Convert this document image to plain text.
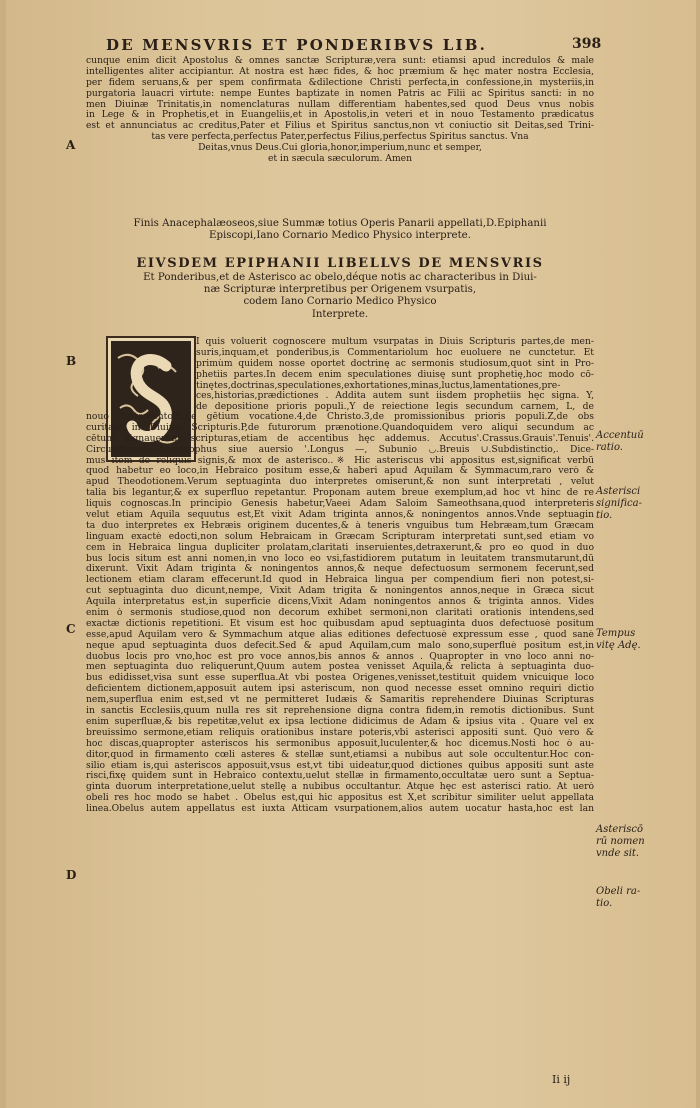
DE MENSVRIS ET PONDERIBVS LIB.	398
cunque enim dicit Apostolus & omnes sanctæ Scripturæ,vera sunt: etiamsi apud incredulos & male
intelligentes aliter accipiantur. At nostra est hæc fides, & hoc præmium & hęc mater nostra Ecclesia,
per fidem seruans,& per spem confirmata &dilectione Christi perfecta,in confessione,in mysteriis,in
purgatoria lauacri virtute: nempe Euntes baptizate in nomen Patris ac Filii ac Spiritus sancti: in no
men Diuinæ Trinitatis,in nomenclaturas nullam differentiam habentes,sed quod Deus vnus nobis
in Lege & in Prophetis,et in Euangeliis,et in Apostolis,in veteri et in nouo Testamento prædicatus
est et annunciatus ac creditus,Pater et Filius et Spiritus sanctus,non vt coniuctio sit Deitas,sed Trini-
tas vere perfecta,perfectus Pater,perfectus Filius,perfectus Spiritus sanctus. Vna
Deitas,vnus Deus.Cui gloria,honor,imperium,nunc et semper,
et in sæcula sæculorum. Amen
Finis Anacephalæoseos,siue Summæ totius Operis Panarii appellati,D.Epiphanii
Episcopi,Iano Cornario Medico Physico interprete.
EIVSDEM EPIPHANII LIBELLVS DE MENSVRIS
Et Ponderibus,et de Asterisco ac obelo,déque notis ac characteribus in Diui-
næ Scripturæ interpretibus per Origenem vsurpatis,
codem Iano Cornario Medico Physico
Interprete.
I quis voluerit cognoscere multum vsurpatas in Diuis Scripturis partes,de men-
suris,inquam,et ponderibus,is Commentariolum hoc euoluere ne cunctetur. Et
primùm quidem nosse oportet doctrinę ac sermonis studiosum,quot sint in Pro-
phetiis partes.In decem enim speculationes diuisę sunt prophetię,hoc modo cō-
tinętes,doctrinas,speculationes,exhortationes,minas,luctus,lamentationes,pre-
ces,historias,prædictiones . Addita autem sunt iisdem prophetiis hęc signa. Y,
de depositione prioris populi.,Y de reiectione legis secundum carnem, L, de
nouo Testamento.E,de gētium vocatione.4,de Christo.3,de promissionibus prioris populi.Z,de obs
curitate in Diuinis Scripturis.P,de futurorum prænotione.Quandoquidem vero aliqui secundum ac
cētum signauerunt scripturas,etiam de accentibus hęc addemus. Accutus'.Crassus.Grauis'.Tenuis'.
Circumflexus~.Apostrophus siue auersio '.Longus —, Subunio ◡.Breuis ∪.Subdistinctio,. Dice-
mus item de reliquis signis,& mox de asterisco..※ Hic asteriscus vbi appositus est,significat verbū
quod habetur eo loco,in Hebraico positum esse,& haberi apud Aquilam & Symmacum,raro verò &
apud Theodotionem.Verum septuaginta duo interpretes omiserunt,& non sunt interpretati , velut
talia bis legantur,& ex superfluo repetantur. Proponam autem breue exemplum,ad hoc vt hinc de re
liquis cognoscas.In principio Genesis habetur,Vaeei Adam Saloim Sameothsana,quod interpreteris
velut etiam Aquila sequutus est,Et vixit Adam triginta annos,& noningentos annos.Vnde septuagin
ta duo interpretes ex Hebræis originem ducentes,& à teneris vnguibus tum Hebræam,tum Græcam
linguam exactè edocti,non solum Hebraicam in Græcam Scripturam interpretati sunt,sed etiam vo
cem in Hebraica lingua dupliciter prolatam,claritati inseruientes,detraxerunt,& pro eo quod in duo
bus locis situm est anni nomen,in vno loco eo vsi,fastidiorem putatum in leuitatem transmutarunt,dū
dixerunt. Vixit Adam triginta & noningentos annos,& neque defectuosum sermonem fecerunt,sed
lectionem etiam claram effecerunt.Id quod in Hebraica lingua per compendium fieri non potest,si-
cut septuaginta duo dicunt,nempe, Vixit Adam trigita & noningentos annos,neque in Græca sicut
Aquila interpretatus est,in superficie dicens,Vixit Adam noningentos annos & triginta annos. Vides
enim ò sermonis studiose,quod non decorum exhibet sermoni,non claritati orationis intendens,sed
exactæ dictionis repetitioni. Et visum est hoc quibusdam apud septuaginta duos defectuosè positum
esse,apud Aquilam vero & Symmachum atque alias editiones defectuosè expressum esse , quod sanè
neque apud septuaginta duos defecit.Sed & apud Aquilam,cum malo sono,superfluè positum est,in
duobus locis pro vno,hoc est pro voce annos,bis annos & annos . Quapropter in vno loco anni no-
men septuaginta duo reliquerunt,Quum autem postea venisset Aquila,& relicta à septuaginta duo-
bus edidisset,visa sunt esse superflua.At vbi postea Origenes,venisset,testituit quidem vnicuique loco
deficientem dictionem,apposuit autem ipsi asteriscum, non quod necesse esset omnino requiri dictio
nem,superflua enim est,sed vt ne permitteret Iudæis & Samaritis reprehendere Diuinas Scripturas
in sanctis Ecclesiis,quum nulla res sit reprehensione digna contra fidem,in remotis dictionibus. Sunt
enim superfluæ,& bis repetitæ,velut ex ipsa lectione didicimus de Adam & ipsius vita . Quare vel ex
breuissimo sermone,etiam reliquis orationibus instare poteris,vbi asterisci appositi sunt. Quò vero &
hoc discas,quapropter asteriscos his sermonibus apposuit,luculenter,& hoc dicemus.Nosti hoc ò au-
ditor,quod in firmamento cœli asteres & stellæ sunt,etiamsi a nubibus aut sole occultentur.Hoc con-
silio etiam is,qui asteriscos apposuit,vsus est,vt tibi uideatur,quod dictiones quibus appositi sunt aste
risci,fixę quidem sunt in Hebraico contextu,uelut stellæ in firmamento,occultatæ uero sunt a Septua-
ginta duorum interpretatione,uelut stellę a nubibus occultantur. Atque hęc est asterisci ratio. At uerò
obeli res hoc modo se habet . Obelus est,qui hic appositus est X,et scribitur similiter uelut appellata
linea.Obelus autem appellatus est iuxta Atticam vsurpationem,alios autem uocatur hasta,hoc est lan
A
B
C
D
Accentuū
ratio.
Asterisci
significa-
tio.
Tempus
vitę Adę.
Asteriscō
rū nomen
vnde sit.
Obeli ra-
tio.
Ii ij
